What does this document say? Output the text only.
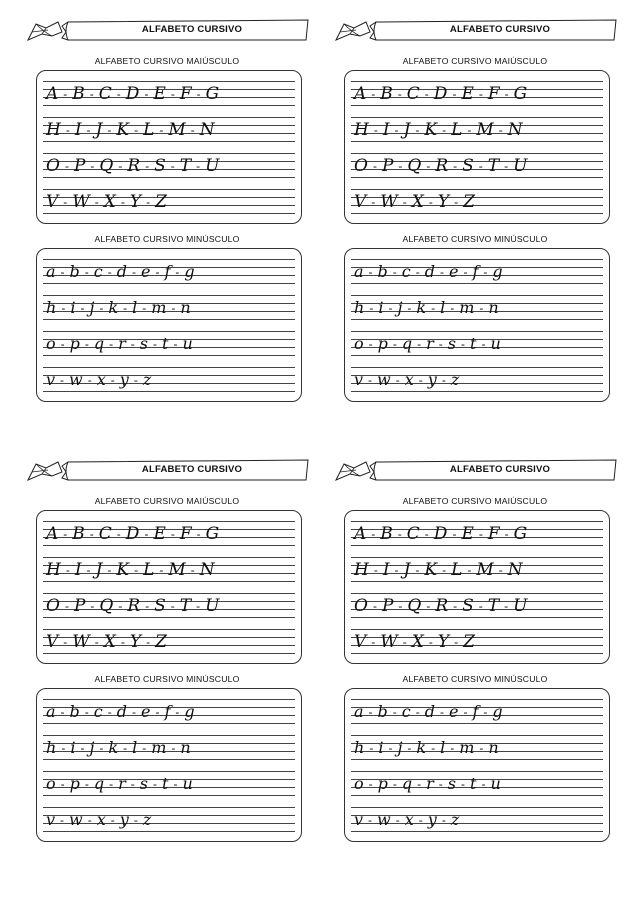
ALFABETO CURSIVO
ALFABETO CURSIVO MAIÚSCULO
A - B - C - D - E - F - G
H - I - J - K - L - M - N
O - P - Q - R - S - T - U
V - W - X - Y - Z
ALFABETO CURSIVO MINÚSCULO
a - b - c - d - e - f - g
h - i - j - k - l - m - n
o - p - q - r - s - t - u
v - w - x - y - z
ALFABETO CURSIVO
ALFABETO CURSIVO MAIÚSCULO
A - B - C - D - E - F - G
H - I - J - K - L - M - N
O - P - Q - R - S - T - U
V - W - X - Y - Z
ALFABETO CURSIVO MINÚSCULO
a - b - c - d - e - f - g
h - i - j - k - l - m - n
o - p - q - r - s - t - u
v - w - x - y - z
ALFABETO CURSIVO
ALFABETO CURSIVO MAIÚSCULO
A - B - C - D - E - F - G
H - I - J - K - L - M - N
O - P - Q - R - S - T - U
V - W - X - Y - Z
ALFABETO CURSIVO MINÚSCULO
a - b - c - d - e - f - g
h - i - j - k - l - m - n
o - p - q - r - s - t - u
v - w - x - y - z
ALFABETO CURSIVO
ALFABETO CURSIVO MAIÚSCULO
A - B - C - D - E - F - G
H - I - J - K - L - M - N
O - P - Q - R - S - T - U
V - W - X - Y - Z
ALFABETO CURSIVO MINÚSCULO
a - b - c - d - e - f - g
h - i - j - k - l - m - n
o - p - q - r - s - t - u
v - w - x - y - z
